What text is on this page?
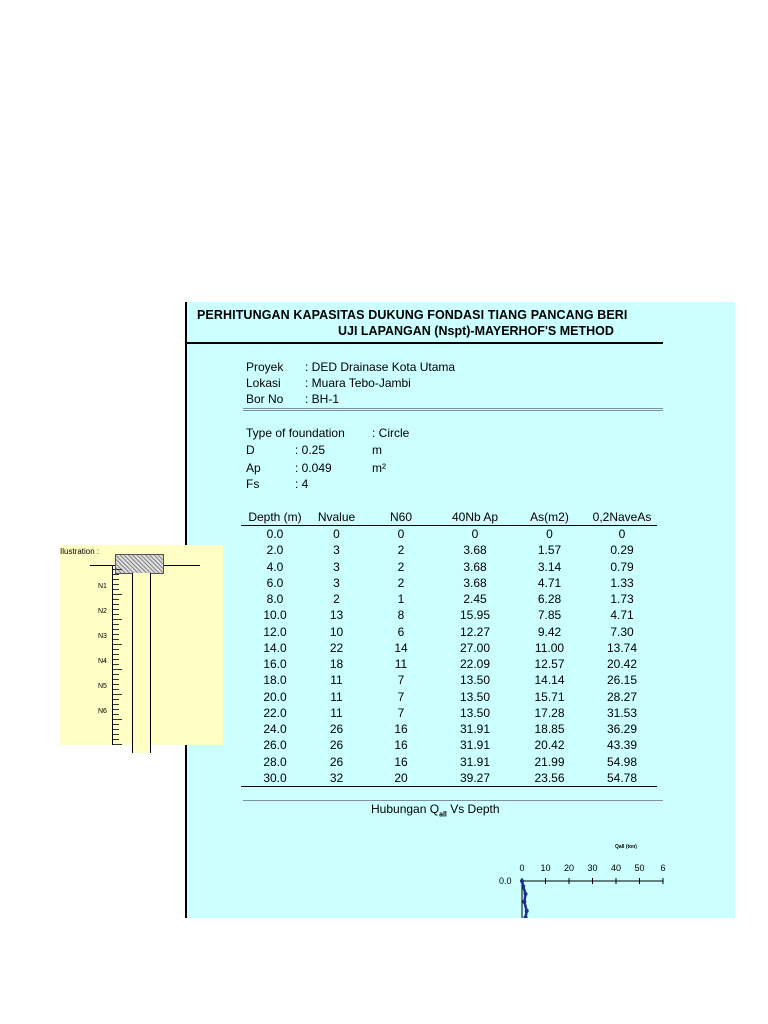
PERHITUNGAN KAPASITAS DUKUNG FONDASI TIANG PANCANG BERI
UJI LAPANGAN (Nspt)-MAYERHOF'S METHOD
Proyek : DED Drainase Kota Utama
Lokasi : Muara Tebo-Jambi
Bor No : BH-1
Type of foundation : Circle
D	: 0.25	m
Ap	: 0.049	m²
Fs	: 4
Depth (m)	Nvalue	N60	40Nb Ap	As(m2)	0,2NaveAs
0.0	0	0	0	0	0
2.0	3	2	3.68	1.57	0.29
4.0	3	2	3.68	3.14	0.79
6.0	3	2	3.68	4.71	1.33
8.0	2	1	2.45	6.28	1.73
10.0	13	8	15.95	7.85	4.71
12.0	10	6	12.27	9.42	7.30
14.0	22	14	27.00	11.00	13.74
16.0	18	11	22.09	12.57	20.42
18.0	11	7	13.50	14.14	26.15
20.0	11	7	13.50	15.71	28.27
22.0	11	7	13.50	17.28	31.53
24.0	26	16	31.91	18.85	36.29
26.0	26	16	31.91	20.42	43.39
28.0	26	16	31.91	21.99	54.98
30.0	32	20	39.27	23.56	54.78
Hubungan $Q_{all}$ Vs Depth
Qall (ton)
0 10 20 30 40 50 6
0.0
Ilustration :
N1
N2
N3
N4
N5
N6
